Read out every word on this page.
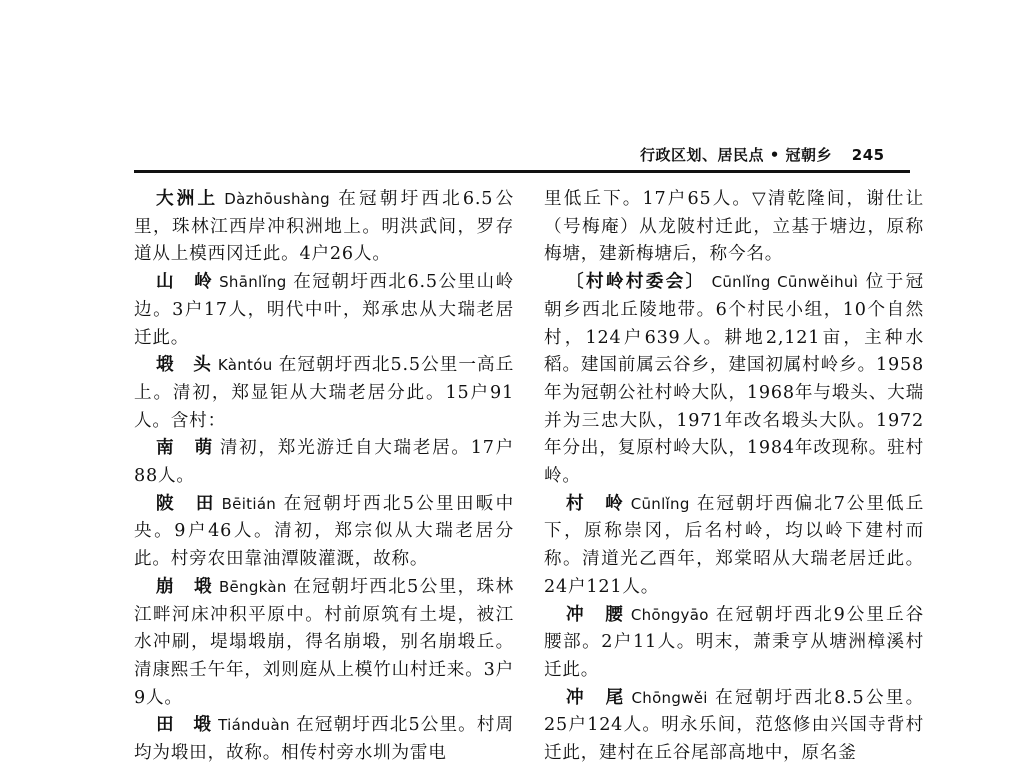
行政区划、居民点 • 冠朝乡 245

大洲上 Dàzhōushàng 在冠朝圩西北6.5公里，珠林江西岸冲积洲地上。明洪武间，罗存道从上模西冈迁此。4户26人。

山　岭 Shānlǐng 在冠朝圩西北6.5公里山岭边。3户17人，明代中叶，郑承忠从大瑞老居迁此。

塅　头 Kàntóu 在冠朝圩西北5.5公里一高丘上。清初，郑显钜从大瑞老居分此。15户91人。含村：

南　萌 清初，郑光游迁自大瑞老居。17户88人。

陂　田 Bēitián 在冠朝圩西北5公里田畈中央。9户46人。清初，郑宗似从大瑞老居分此。村旁农田靠油潭陂灌溉，故称。

崩　塅 Bēngkàn 在冠朝圩西北5公里，珠林江畔河床冲积平原中。村前原筑有土堤，被江水冲刷，堤塌塅崩，得名崩塅，别名崩塅丘。清康熙壬午年，刘则庭从上模竹山村迁来。3户9人。

田　塅 Tiánduàn 在冠朝圩西北5公里。村周均为塅田，故称。相传村旁水圳为雷电

里低丘下。17户65人。▽清乾隆间，谢仕让（号梅庵）从龙陂村迁此，立基于塘边，原称梅塘，建新梅塘后，称今名。

〔村岭村委会〕 Cūnlǐng Cūnwěihuì 位于冠朝乡西北丘陵地带。6个村民小组，10个自然村，124户639人。耕地2,121亩，主种水稻。建国前属云谷乡，建国初属村岭乡。1958年为冠朝公社村岭大队，1968年与塅头、大瑞并为三忠大队，1971年改名塅头大队。1972年分出，复原村岭大队，1984年改现称。驻村岭。

村　岭 Cūnlǐng 在冠朝圩西偏北7公里低丘下，原称崇冈，后名村岭，均以岭下建村而称。清道光乙酉年，郑棠昭从大瑞老居迁此。24户121人。

冲　腰 Chōngyāo 在冠朝圩西北9公里丘谷腰部。2户11人。明末，萧秉亨从塘洲樟溪村迁此。

冲　尾 Chōngwěi 在冠朝圩西北8.5公里。25户124人。明永乐间，范悠修由兴国寺背村迁此，建村在丘谷尾部高地中，原名釜
